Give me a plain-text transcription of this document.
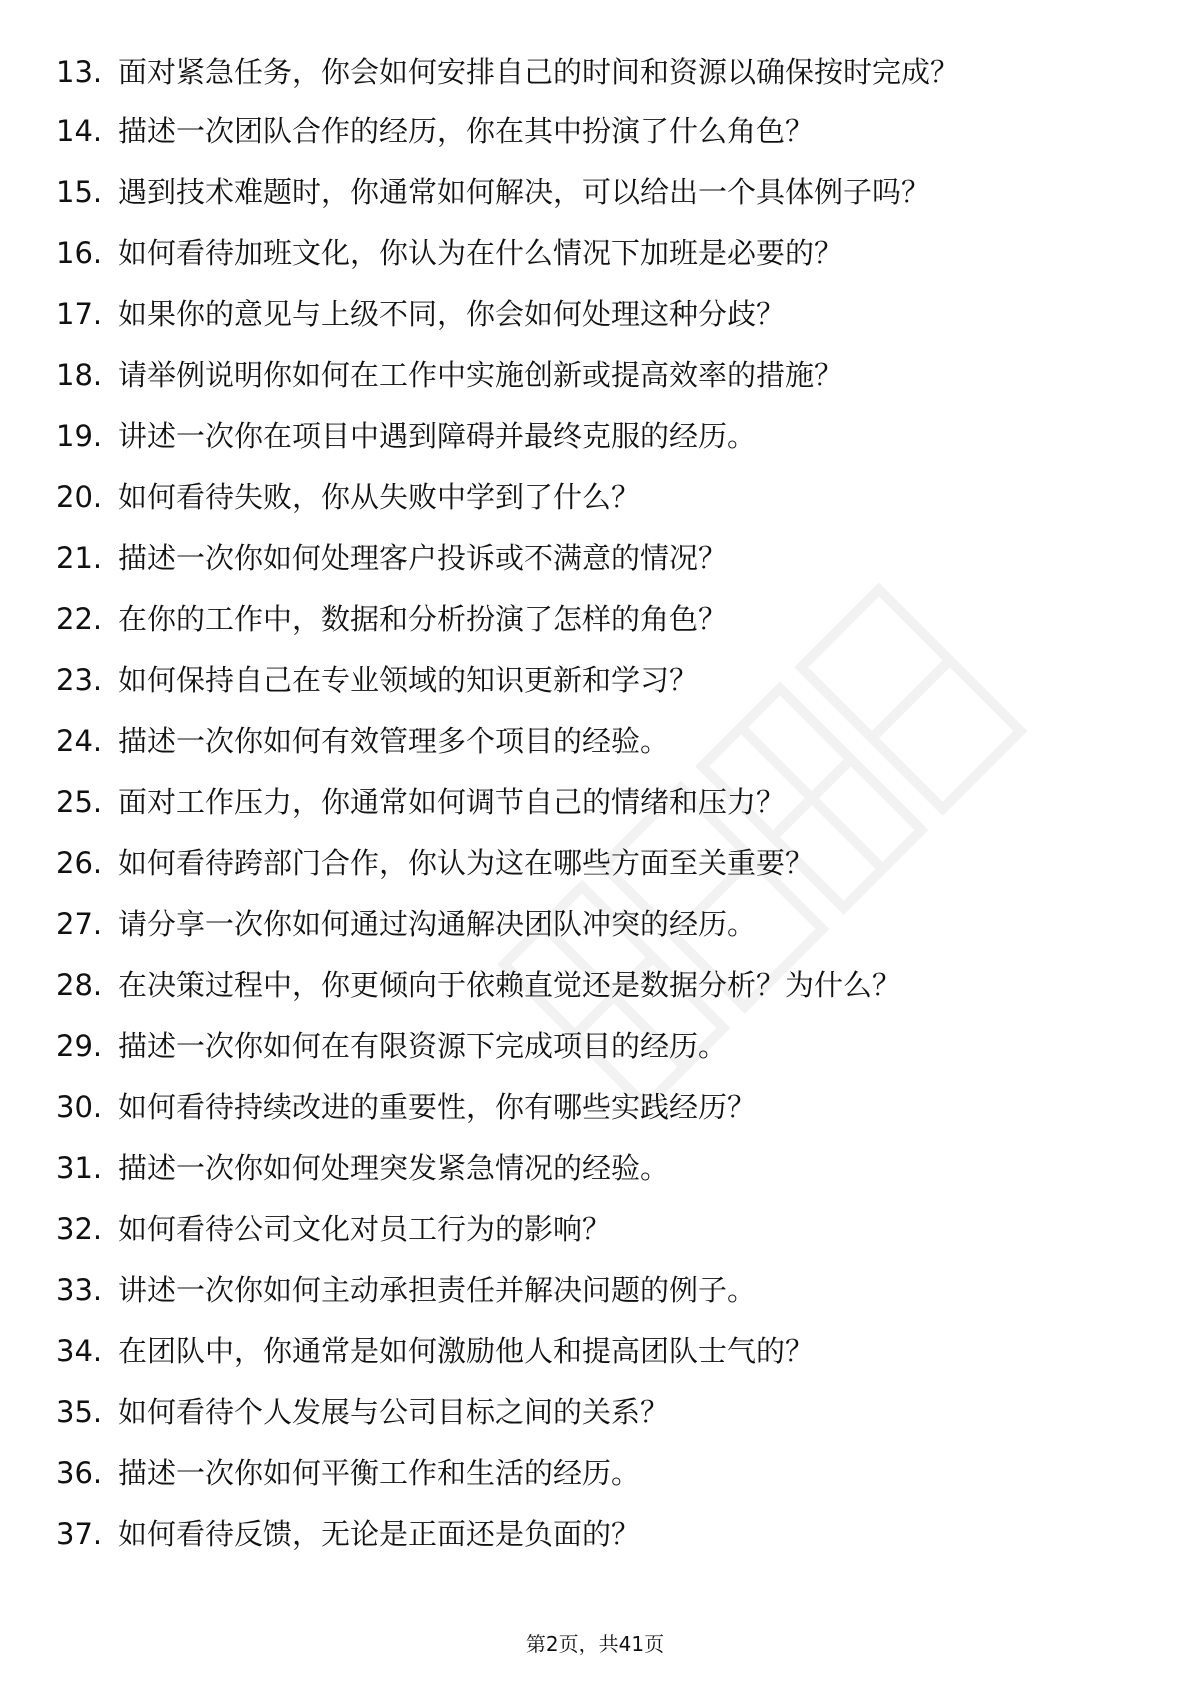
13. 面对紧急任务，你会如何安排自己的时间和资源以确保按时完成？
14. 描述一次团队合作的经历，你在其中扮演了什么角色？
15. 遇到技术难题时，你通常如何解决，可以给出一个具体例子吗？
16. 如何看待加班文化，你认为在什么情况下加班是必要的？
17. 如果你的意见与上级不同，你会如何处理这种分歧？
18. 请举例说明你如何在工作中实施创新或提高效率的措施？
19. 讲述一次你在项目中遇到障碍并最终克服的经历。
20. 如何看待失败，你从失败中学到了什么？
21. 描述一次你如何处理客户投诉或不满意的情况？
22. 在你的工作中，数据和分析扮演了怎样的角色？
23. 如何保持自己在专业领域的知识更新和学习？
24. 描述一次你如何有效管理多个项目的经验。
25. 面对工作压力，你通常如何调节自己的情绪和压力？
26. 如何看待跨部门合作，你认为这在哪些方面至关重要？
27. 请分享一次你如何通过沟通解决团队冲突的经历。
28. 在决策过程中，你更倾向于依赖直觉还是数据分析？为什么？
29. 描述一次你如何在有限资源下完成项目的经历。
30. 如何看待持续改进的重要性，你有哪些实践经历？
31. 描述一次你如何处理突发紧急情况的经验。
32. 如何看待公司文化对员工行为的影响？
33. 讲述一次你如何主动承担责任并解决问题的例子。
34. 在团队中，你通常是如何激励他人和提高团队士气的？
35. 如何看待个人发展与公司目标之间的关系？
36. 描述一次你如何平衡工作和生活的经历。
37. 如何看待反馈，无论是正面还是负面的？
第2页，共41页
